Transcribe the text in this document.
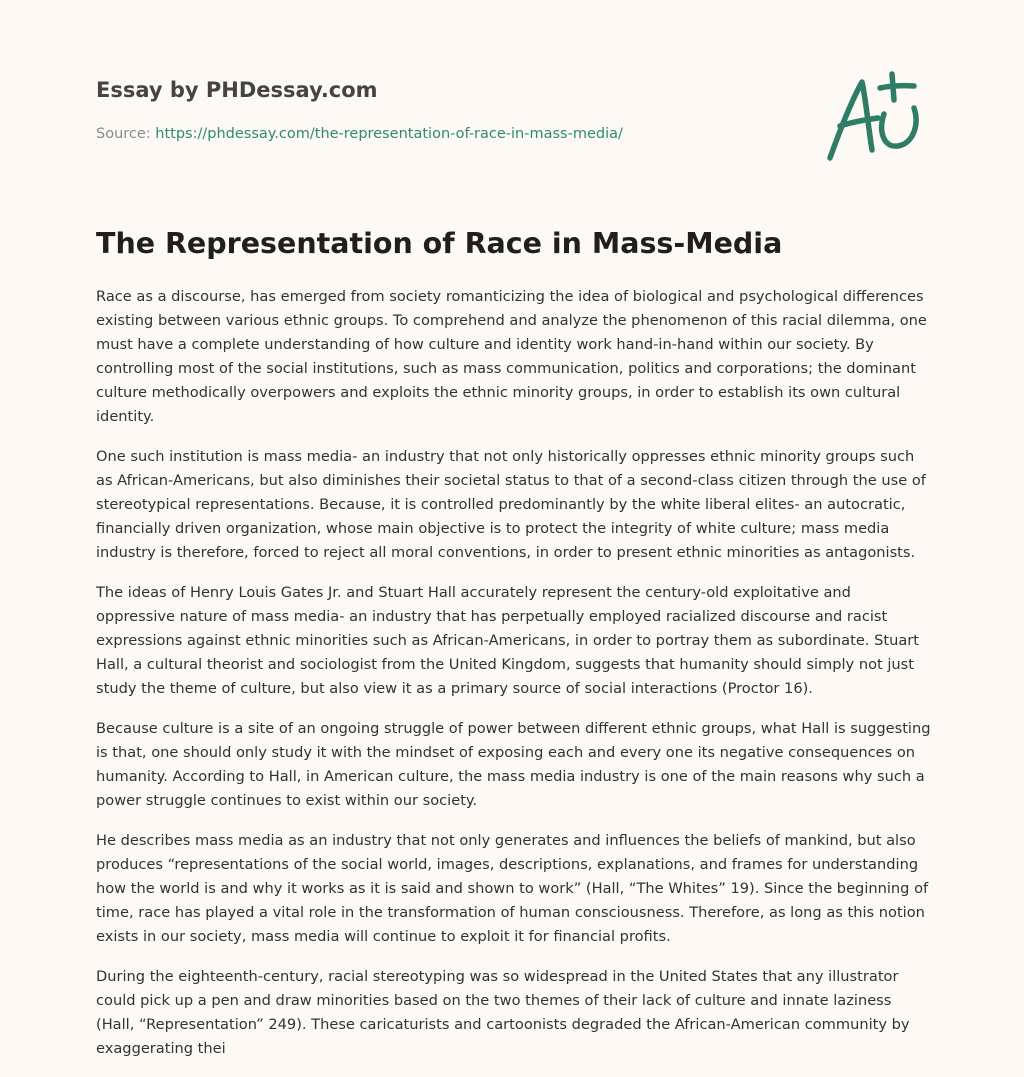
Essay by PHDessay.com
Source: https://phdessay.com/the-representation-of-race-in-mass-media/
The Representation of Race in Mass-Media

Race as a discourse, has emerged from society romanticizing the idea of biological and psychological differences existing between various ethnic groups. To comprehend and analyze the phenomenon of this racial dilemma, one must have a complete understanding of how culture and identity work hand-in-hand within our society. By controlling most of the social institutions, such as mass communication, politics and corporations; the dominant culture methodically overpowers and exploits the ethnic minority groups, in order to establish its own cultural identity.

One such institution is mass media- an industry that not only historically oppresses ethnic minority groups such as African-Americans, but also diminishes their societal status to that of a second-class citizen through the use of stereotypical representations. Because, it is controlled predominantly by the white liberal elites- an autocratic, financially driven organization, whose main objective is to protect the integrity of white culture; mass media industry is therefore, forced to reject all moral conventions, in order to present ethnic minorities as antagonists.

The ideas of Henry Louis Gates Jr. and Stuart Hall accurately represent the century-old exploitative and oppressive nature of mass media- an industry that has perpetually employed racialized discourse and racist expressions against ethnic minorities such as African-Americans, in order to portray them as subordinate. Stuart Hall, a cultural theorist and sociologist from the United Kingdom, suggests that humanity should simply not just study the theme of culture, but also view it as a primary source of social interactions (Proctor 16).

Because culture is a site of an ongoing struggle of power between different ethnic groups, what Hall is suggesting is that, one should only study it with the mindset of exposing each and every one its negative consequences on humanity. According to Hall, in American culture, the mass media industry is one of the main reasons why such a power struggle continues to exist within our society.

He describes mass media as an industry that not only generates and influences the beliefs of mankind, but also produces “representations of the social world, images, descriptions, explanations, and frames for understanding how the world is and why it works as it is said and shown to work” (Hall, “The Whites” 19). Since the beginning of time, race has played a vital role in the transformation of human consciousness. Therefore, as long as this notion exists in our society, mass media will continue to exploit it for financial profits.

During the eighteenth-century, racial stereotyping was so widespread in the United States that any illustrator could pick up a pen and draw minorities based on the two themes of their lack of culture and innate laziness (Hall, “Representation” 249). These caricaturists and cartoonists degraded the African-American community by exaggerating thei
